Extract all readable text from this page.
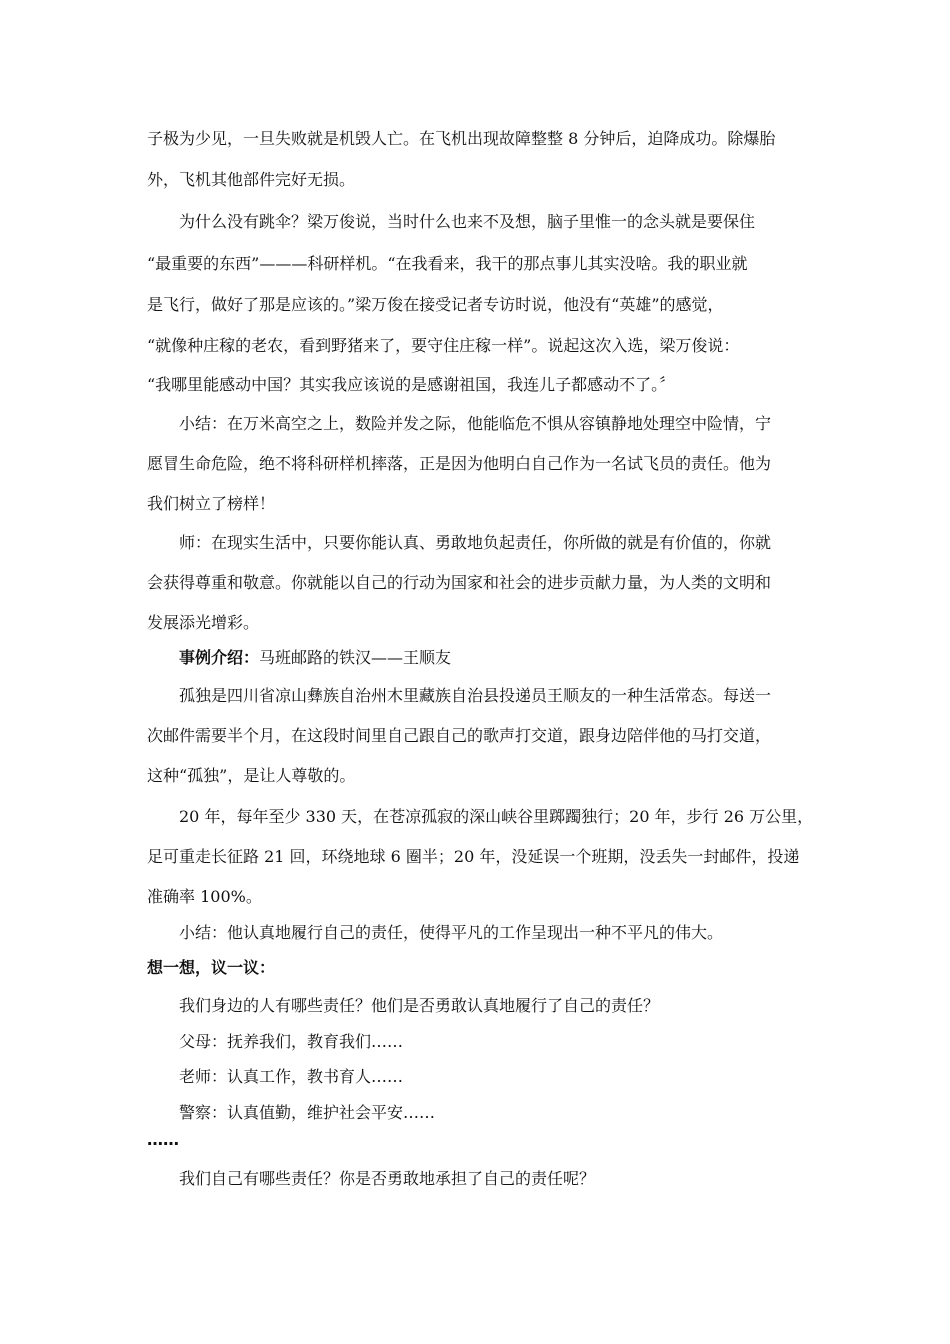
子极为少见，一旦失败就是机毁人亡。在飞机出现故障整整 8 分钟后，迫降成功。除爆胎
外，飞机其他部件完好无损。
为什么没有跳伞？梁万俊说，当时什么也来不及想，脑子里惟一的念头就是要保住
“最重要的东西”———科研样机。“在我看来，我干的那点事儿其实没啥。我的职业就
是飞行，做好了那是应该的。”梁万俊在接受记者专访时说，他没有“英雄”的感觉，
“就像种庄稼的老农，看到野猪来了，要守住庄稼一样”。说起这次入选，梁万俊说：
“我哪里能感动中国？其实我应该说的是感谢祖国，我连儿子都感动不了。〞
小结：在万米高空之上，数险并发之际，他能临危不惧从容镇静地处理空中险情，宁
愿冒生命危险，绝不将科研样机摔落，正是因为他明白自己作为一名试飞员的责任。他为
我们树立了榜样！
师：在现实生活中，只要你能认真、勇敢地负起责任，你所做的就是有价值的，你就
会获得尊重和敬意。你就能以自己的行动为国家和社会的进步贡献力量，为人类的文明和
发展添光增彩。
事例介绍：马班邮路的铁汉——王顺友
孤独是四川省凉山彝族自治州木里藏族自治县投递员王顺友的一种生活常态。每送一
次邮件需要半个月，在这段时间里自己跟自己的歌声打交道，跟身边陪伴他的马打交道，
这种“孤独”，是让人尊敬的。
20 年，每年至少 330 天，在苍凉孤寂的深山峡谷里踯躅独行；20 年，步行 26 万公里，
足可重走长征路 21 回，环绕地球 6 圈半；20 年，没延误一个班期，没丢失一封邮件，投递
准确率 100%。
小结：他认真地履行自己的责任，使得平凡的工作呈现出一种不平凡的伟大。
想一想，议一议：
我们身边的人有哪些责任？他们是否勇敢认真地履行了自己的责任？
父母：抚养我们，教育我们……
老师：认真工作，教书育人……
警察：认真值勤，维护社会平安……
……
我们自己有哪些责任？你是否勇敢地承担了自己的责任呢？
